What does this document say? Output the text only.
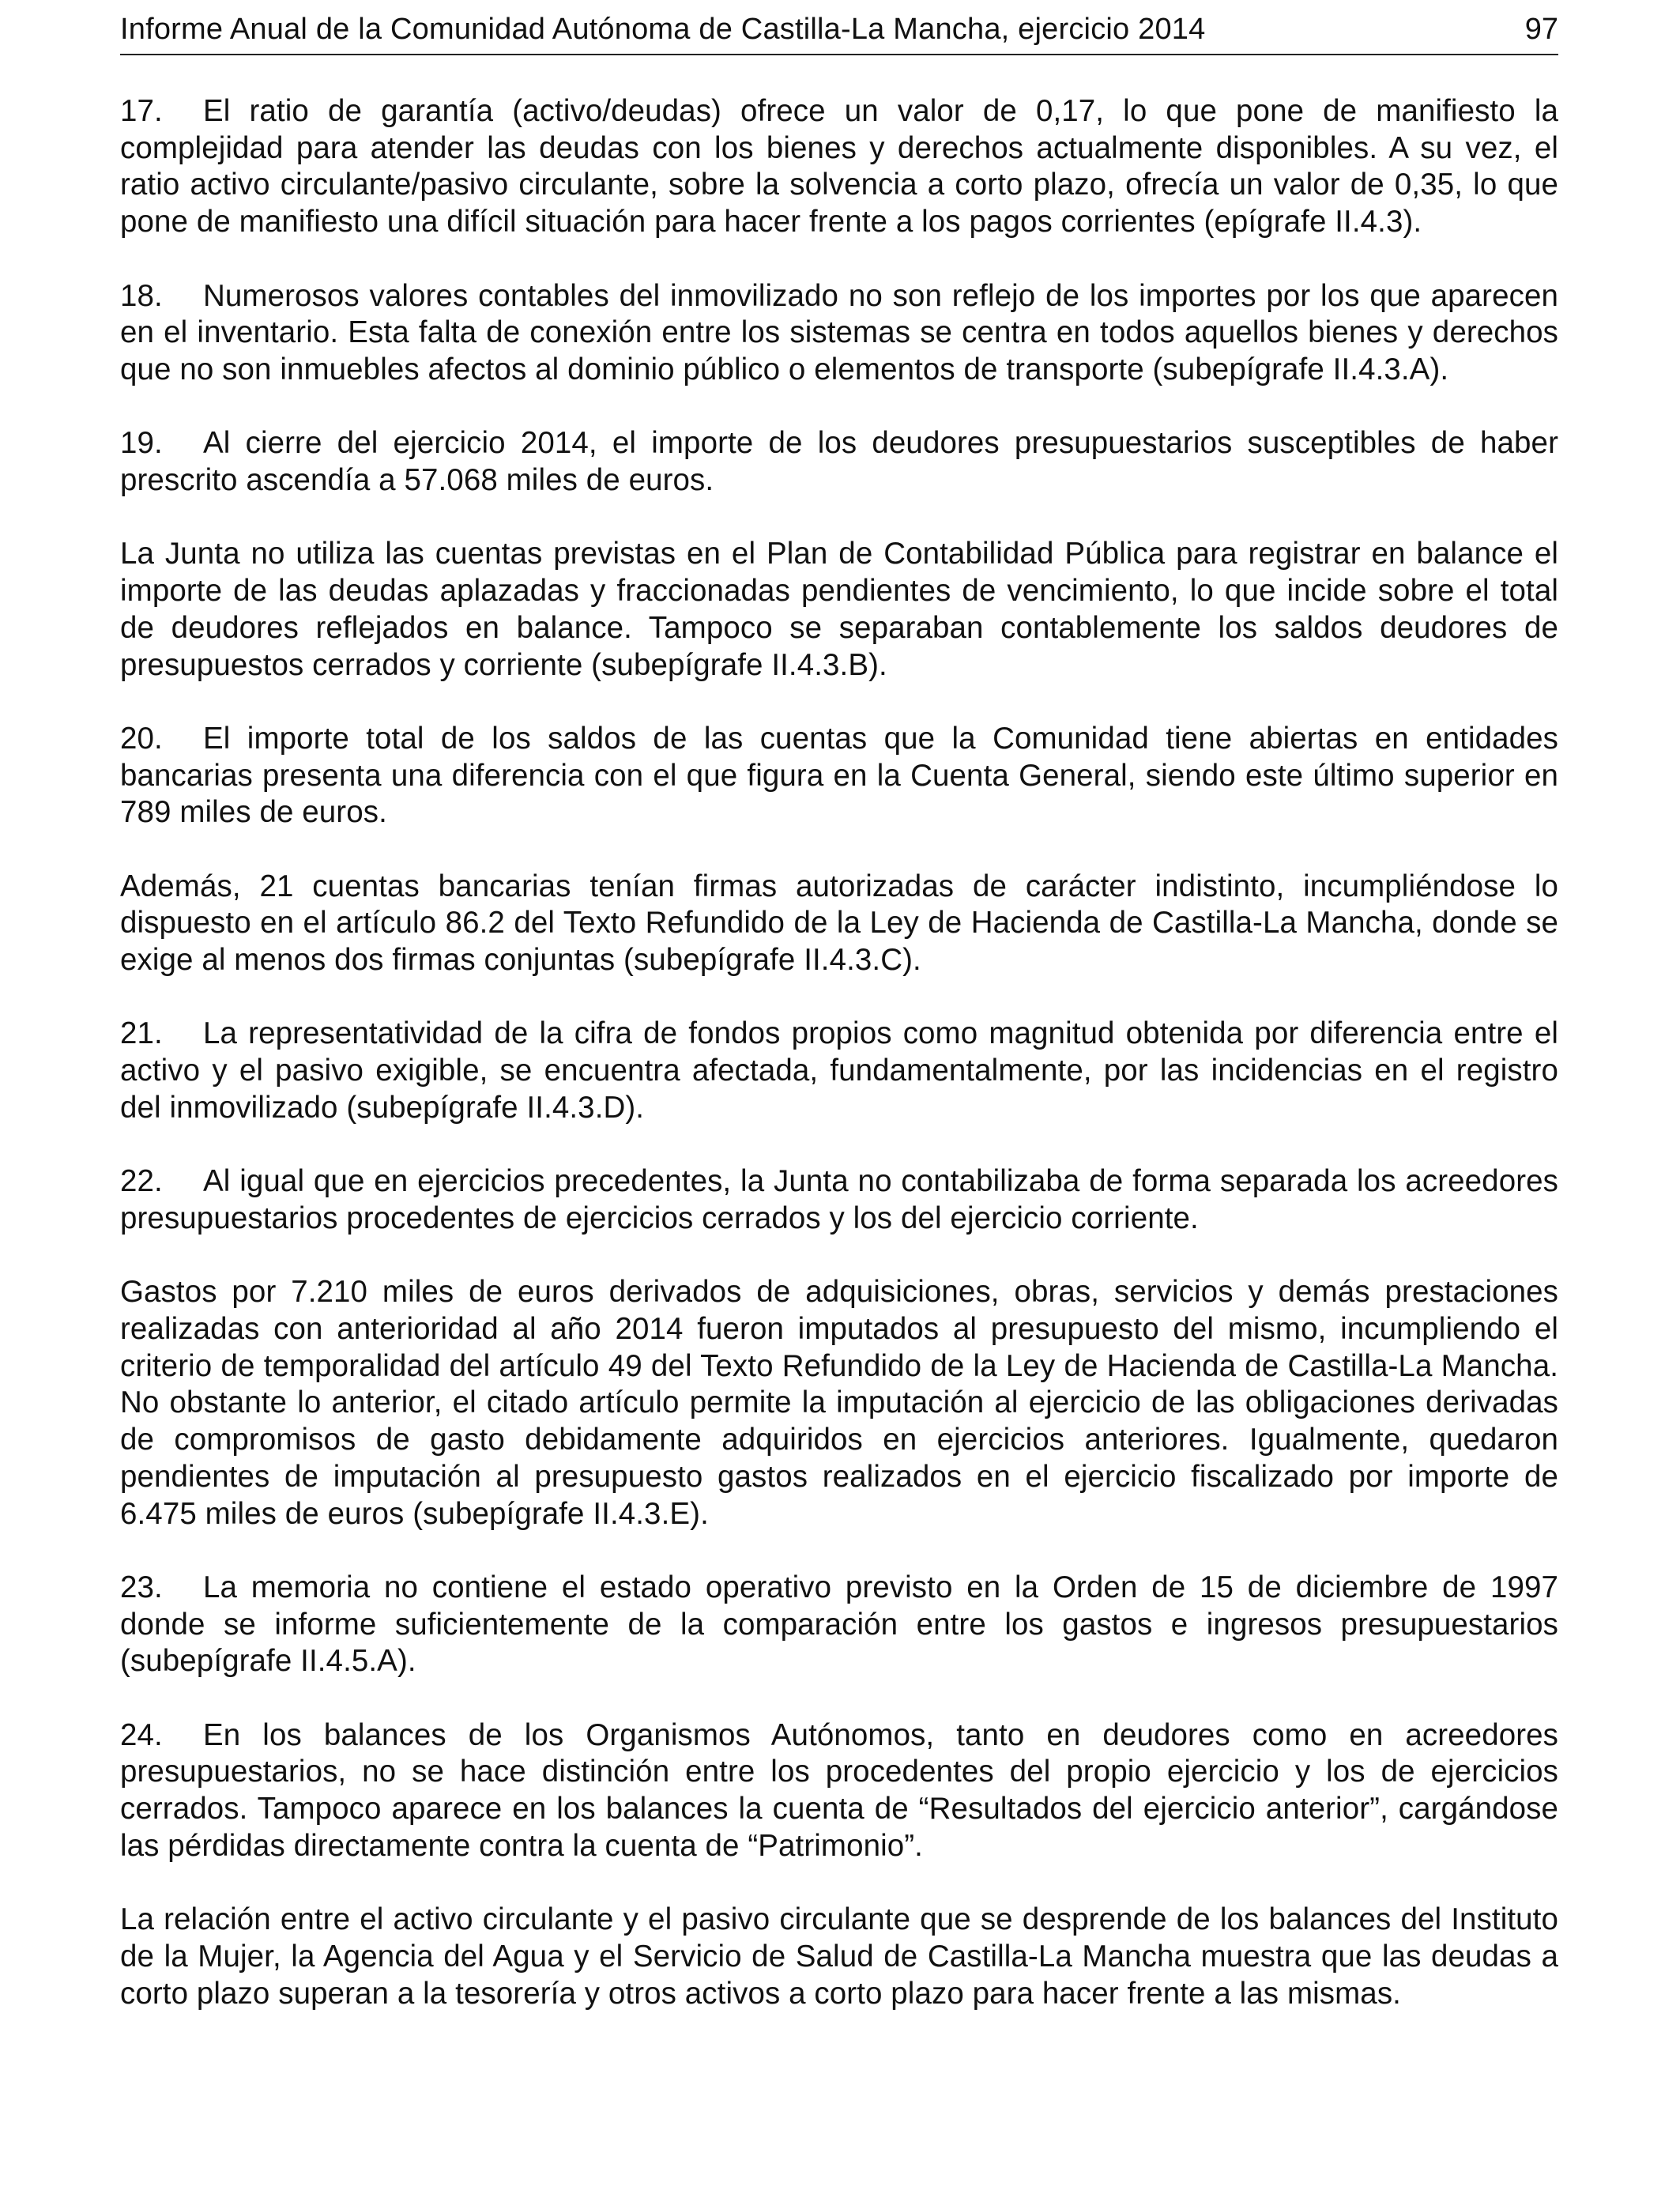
Informe Anual de la Comunidad Autónoma de Castilla-La Mancha, ejercicio 2014	97

17. El ratio de garantía (activo/deudas) ofrece un valor de 0,17, lo que pone de manifiesto la complejidad para atender las deudas con los bienes y derechos actualmente disponibles. A su vez, el ratio activo circulante/pasivo circulante, sobre la solvencia a corto plazo, ofrecía un valor de 0,35, lo que pone de manifiesto una difícil situación para hacer frente a los pagos corrientes (epígrafe II.4.3).

18. Numerosos valores contables del inmovilizado no son reflejo de los importes por los que aparecen en el inventario. Esta falta de conexión entre los sistemas se centra en todos aquellos bienes y derechos que no son inmuebles afectos al dominio público o elementos de transporte (subepígrafe II.4.3.A).

19. Al cierre del ejercicio 2014, el importe de los deudores presupuestarios susceptibles de haber prescrito ascendía a 57.068 miles de euros.

La Junta no utiliza las cuentas previstas en el Plan de Contabilidad Pública para registrar en balance el importe de las deudas aplazadas y fraccionadas pendientes de vencimiento, lo que incide sobre el total de deudores reflejados en balance. Tampoco se separaban contablemente los saldos deudores de presupuestos cerrados y corriente (subepígrafe II.4.3.B).

20. El importe total de los saldos de las cuentas que la Comunidad tiene abiertas en entidades bancarias presenta una diferencia con el que figura en la Cuenta General, siendo este último superior en 789 miles de euros.

Además, 21 cuentas bancarias tenían firmas autorizadas de carácter indistinto, incumpliéndose lo dispuesto en el artículo 86.2 del Texto Refundido de la Ley de Hacienda de Castilla-La Mancha, donde se exige al menos dos firmas conjuntas (subepígrafe II.4.3.C).

21. La representatividad de la cifra de fondos propios como magnitud obtenida por diferencia entre el activo y el pasivo exigible, se encuentra afectada, fundamentalmente, por las incidencias en el registro del inmovilizado (subepígrafe II.4.3.D).

22. Al igual que en ejercicios precedentes, la Junta no contabilizaba de forma separada los acreedores presupuestarios procedentes de ejercicios cerrados y los del ejercicio corriente.

Gastos por 7.210 miles de euros derivados de adquisiciones, obras, servicios y demás prestaciones realizadas con anterioridad al año 2014 fueron imputados al presupuesto del mismo, incumpliendo el criterio de temporalidad del artículo 49 del Texto Refundido de la Ley de Hacienda de Castilla-La Mancha. No obstante lo anterior, el citado artículo permite la imputación al ejercicio de las obligaciones derivadas de compromisos de gasto debidamente adquiridos en ejercicios anteriores. Igualmente, quedaron pendientes de imputación al presupuesto gastos realizados en el ejercicio fiscalizado por importe de 6.475 miles de euros (subepígrafe II.4.3.E).

23. La memoria no contiene el estado operativo previsto en la Orden de 15 de diciembre de 1997 donde se informe suficientemente de la comparación entre los gastos e ingresos presupuestarios (subepígrafe II.4.5.A).

24. En los balances de los Organismos Autónomos, tanto en deudores como en acreedores presupuestarios, no se hace distinción entre los procedentes del propio ejercicio y los de ejercicios cerrados. Tampoco aparece en los balances la cuenta de “Resultados del ejercicio anterior”, cargándose las pérdidas directamente contra la cuenta de “Patrimonio”.

La relación entre el activo circulante y el pasivo circulante que se desprende de los balances del Instituto de la Mujer, la Agencia del Agua y el Servicio de Salud de Castilla-La Mancha muestra que las deudas a corto plazo superan a la tesorería y otros activos a corto plazo para hacer frente a las mismas.
